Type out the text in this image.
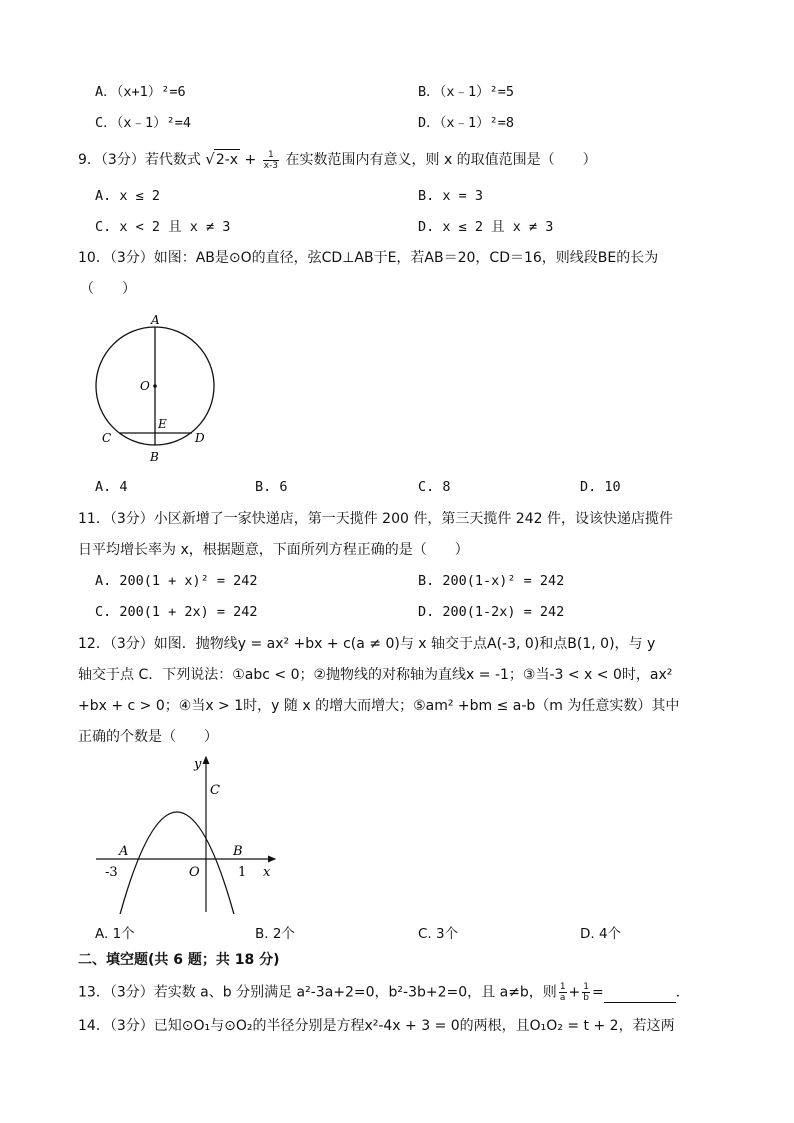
A．（x+1）²=6	B．（x﹣1）²=5
C．（x﹣1）²=4	D．（x﹣1）²=8
9．（3分）若代数式 $√2-x + \frac{1}{x-3}$ 在实数范围内有意义，则 x 的取值范围是（　　）
A. x ≤ 2	B. x = 3
C. x < 2 且 x ≠ 3	D. x ≤ 2 且 x ≠ 3
10．（3分）如图：AB是⊙O的直径，弦CD⊥AB于E，若AB＝20，CD＝16，则线段BE的长为
（　　）
A
O
E
C	D
B
A. 4	B. 6	C. 8	D. 10
11．（3分）小区新增了一家快递店，第一天揽件 200 件，第三天揽件 242 件，设该快递店揽件
日平均增长率为 x，根据题意，下面所列方程正确的是（　　）
A. 200(1 + x)² = 242	B. 200(1-x)² = 242
C. 200(1 + 2x) = 242	D. 200(1-2x) = 242
12．（3分）如图．抛物线y = ax² +bx + c(a ≠ 0)与 x 轴交于点A(-3, 0)和点B(1, 0)，与 y
轴交于点 C．下列说法：①abc < 0；②抛物线的对称轴为直线x = -1；③当-3 < x < 0时，ax²
+bx + c > 0；④当x > 1时，y 随 x 的增大而增大；⑤am² +bm ≤ a-b（m 为任意实数）其中
正确的个数是（　　）
y
C
A	B
-3	O	1 x
A. 1个	B. 2个	C. 3个	D. 4个
二、填空题(共 6 题；共 18 分)
13．（3分）若实数 a、b 分别满足 a²-3a+2=0，b²-3b+2=0，且 a≠b，则 $\frac{1}{a} + \frac{1}{b}$ =	．
14．（3分）已知⊙O₁与⊙O₂的半径分别是方程x²-4x + 3 = 0的两根，且O₁O₂ = t + 2，若这两
